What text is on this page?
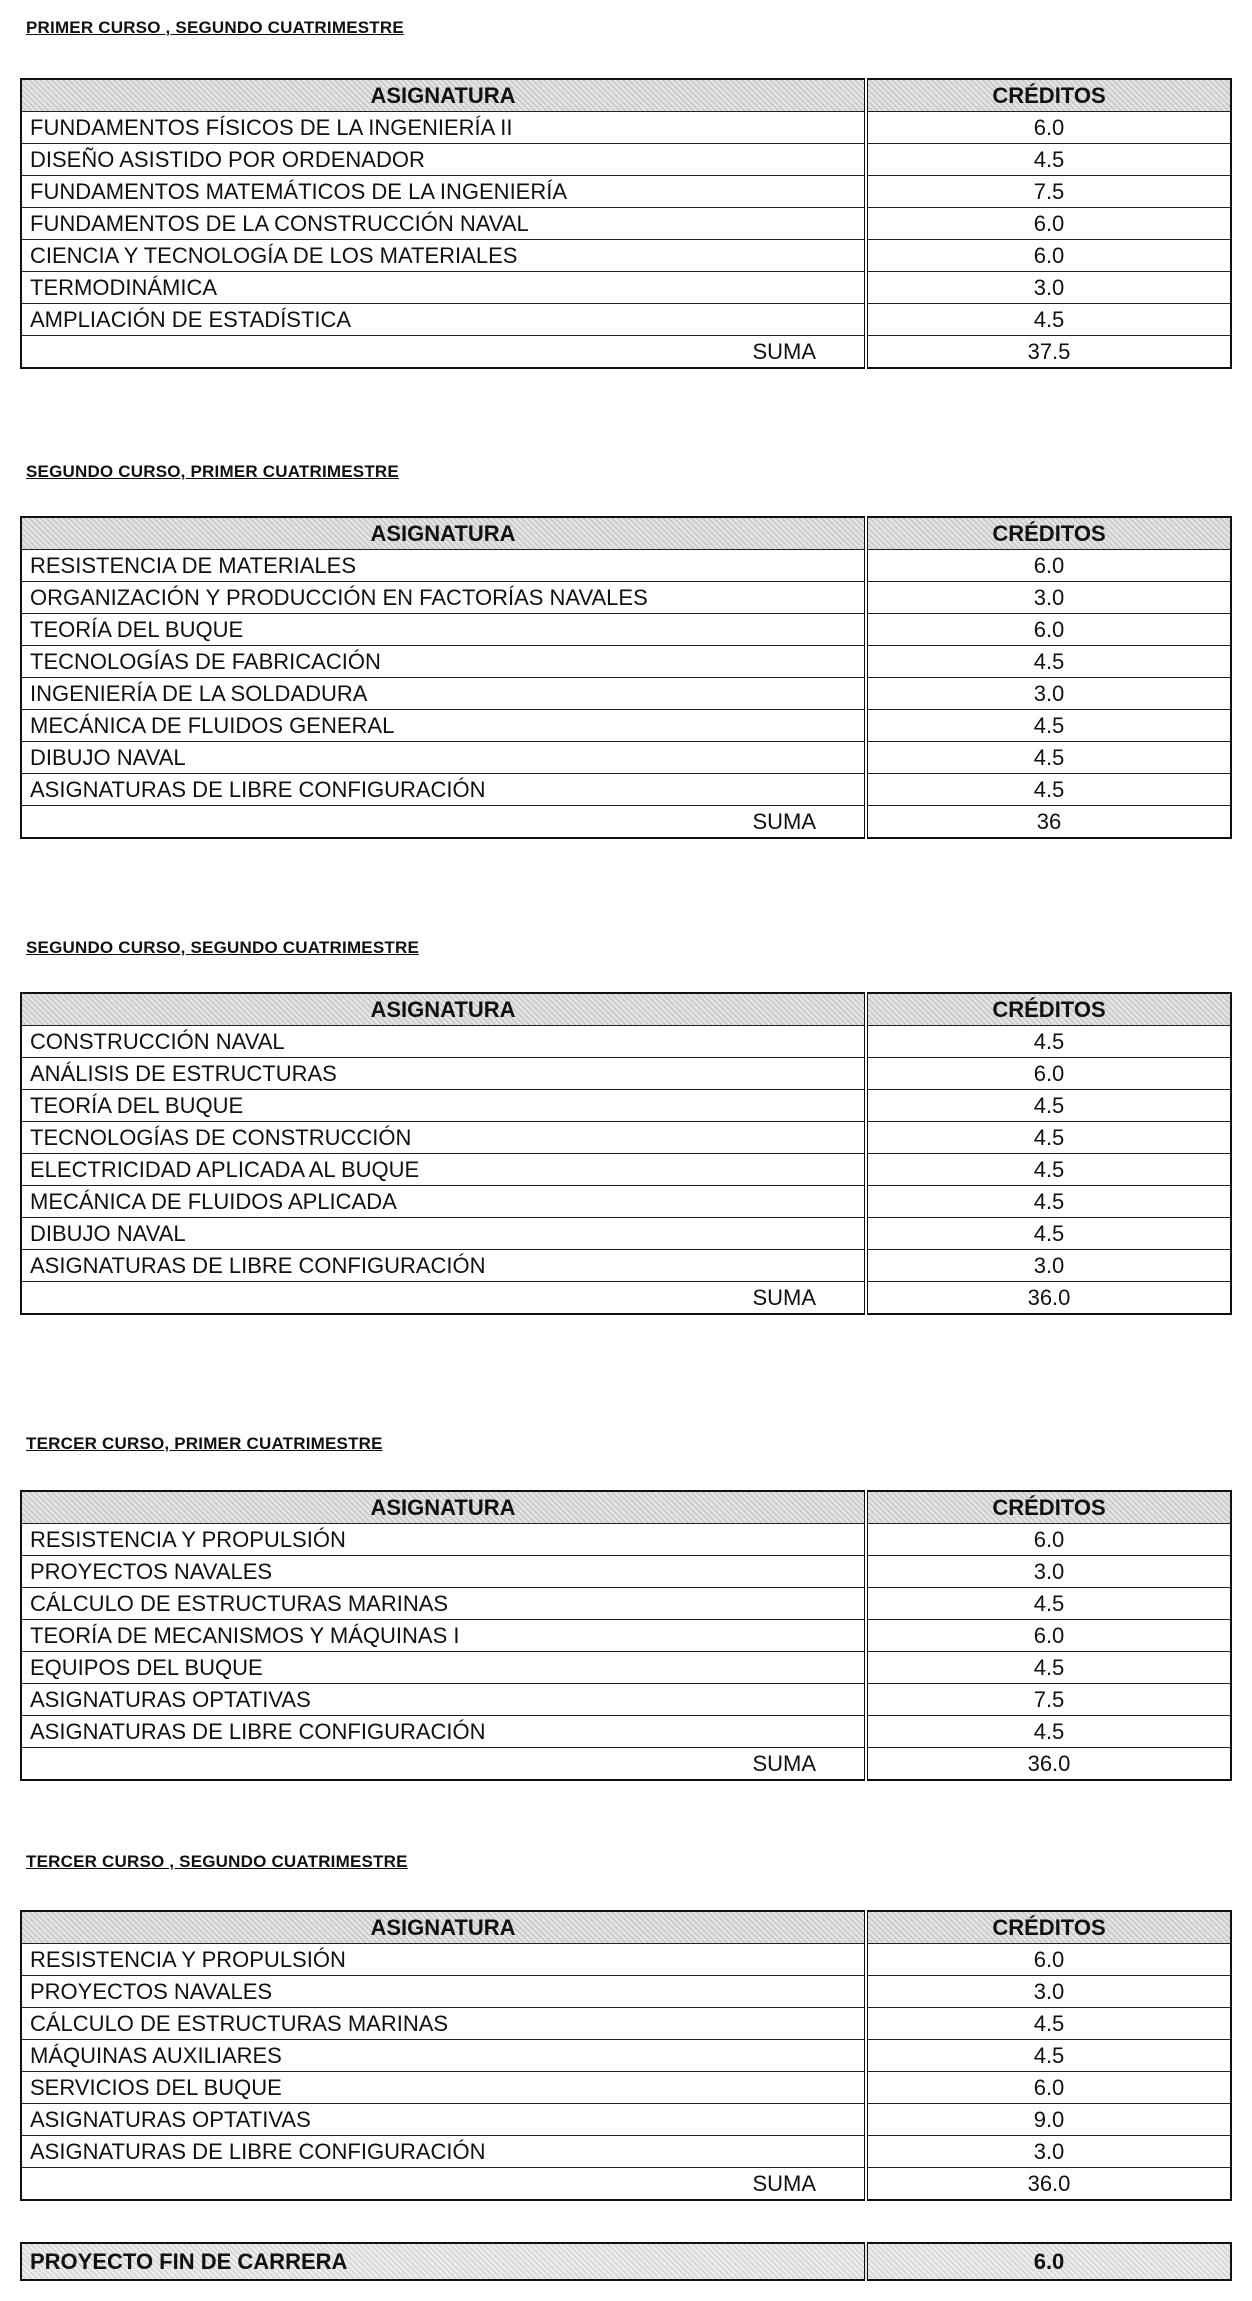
PRIMER CURSO , SEGUNDO CUATRIMESTRE
ASIGNATURA	CRÉDITOS
FUNDAMENTOS FÍSICOS DE LA INGENIERÍA II	6.0
DISEÑO ASISTIDO POR ORDENADOR	4.5
FUNDAMENTOS MATEMÁTICOS DE LA INGENIERÍA	7.5
FUNDAMENTOS DE LA CONSTRUCCIÓN NAVAL	6.0
CIENCIA Y TECNOLOGÍA DE LOS MATERIALES	6.0
TERMODINÁMICA	3.0
AMPLIACIÓN DE ESTADÍSTICA	4.5
SUMA	37.5
SEGUNDO CURSO, PRIMER CUATRIMESTRE
ASIGNATURA	CRÉDITOS
RESISTENCIA DE MATERIALES	6.0
ORGANIZACIÓN Y PRODUCCIÓN EN FACTORÍAS NAVALES	3.0
TEORÍA DEL BUQUE	6.0
TECNOLOGÍAS DE FABRICACIÓN	4.5
INGENIERÍA DE LA SOLDADURA	3.0
MECÁNICA DE FLUIDOS GENERAL	4.5
DIBUJO NAVAL	4.5
ASIGNATURAS DE LIBRE CONFIGURACIÓN	4.5
SUMA	36
SEGUNDO CURSO, SEGUNDO CUATRIMESTRE
ASIGNATURA	CRÉDITOS
CONSTRUCCIÓN NAVAL	4.5
ANÁLISIS DE ESTRUCTURAS	6.0
TEORÍA DEL BUQUE	4.5
TECNOLOGÍAS DE CONSTRUCCIÓN	4.5
ELECTRICIDAD APLICADA AL BUQUE	4.5
MECÁNICA DE FLUIDOS APLICADA	4.5
DIBUJO NAVAL	4.5
ASIGNATURAS DE LIBRE CONFIGURACIÓN	3.0
SUMA	36.0
TERCER CURSO, PRIMER CUATRIMESTRE
ASIGNATURA	CRÉDITOS
RESISTENCIA Y PROPULSIÓN	6.0
PROYECTOS NAVALES	3.0
CÁLCULO DE ESTRUCTURAS MARINAS	4.5
TEORÍA DE MECANISMOS Y MÁQUINAS I	6.0
EQUIPOS DEL BUQUE	4.5
ASIGNATURAS OPTATIVAS	7.5
ASIGNATURAS DE LIBRE CONFIGURACIÓN	4.5
SUMA	36.0
TERCER CURSO , SEGUNDO CUATRIMESTRE
ASIGNATURA	CRÉDITOS
RESISTENCIA Y PROPULSIÓN	6.0
PROYECTOS NAVALES	3.0
CÁLCULO DE ESTRUCTURAS MARINAS	4.5
MÁQUINAS AUXILIARES	4.5
SERVICIOS DEL BUQUE	6.0
ASIGNATURAS OPTATIVAS	9.0
ASIGNATURAS DE LIBRE CONFIGURACIÓN	3.0
SUMA	36.0
PROYECTO FIN DE CARRERA	6.0
